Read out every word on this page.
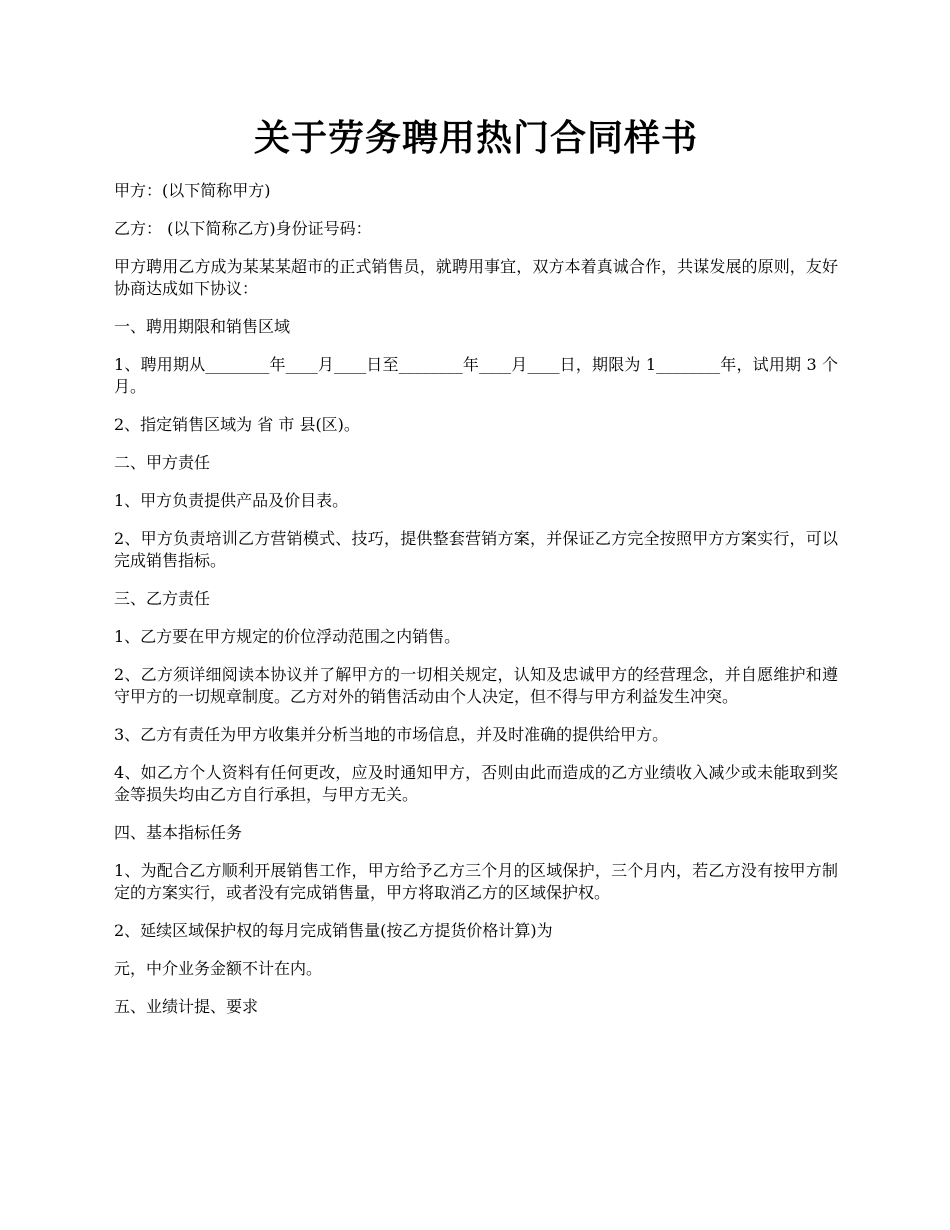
关于劳务聘用热门合同样书

甲方：(以下简称甲方)

乙方： (以下简称乙方)身份证号码：

甲方聘用乙方成为某某某超市的正式销售员，就聘用事宜，双方本着真诚合作，共谋发展的原则，友好协商达成如下协议：

一、聘用期限和销售区域

1、聘用期从________年____月____日至________年____月____日，期限为 1________年，试用期 3 个月。

2、指定销售区域为 省 市 县(区)。

二、甲方责任

1、甲方负责提供产品及价目表。

2、甲方负责培训乙方营销模式、技巧，提供整套营销方案，并保证乙方完全按照甲方方案实行，可以完成销售指标。

三、乙方责任

1、乙方要在甲方规定的价位浮动范围之内销售。

2、乙方须详细阅读本协议并了解甲方的一切相关规定，认知及忠诚甲方的经营理念，并自愿维护和遵守甲方的一切规章制度。乙方对外的销售活动由个人决定，但不得与甲方利益发生冲突。

3、乙方有责任为甲方收集并分析当地的市场信息，并及时准确的提供给甲方。

4、如乙方个人资料有任何更改，应及时通知甲方，否则由此而造成的乙方业绩收入减少或未能取到奖金等损失均由乙方自行承担，与甲方无关。

四、基本指标任务

1、为配合乙方顺利开展销售工作，甲方给予乙方三个月的区域保护，三个月内，若乙方没有按甲方制定的方案实行，或者没有完成销售量，甲方将取消乙方的区域保护权。

2、延续区域保护权的每月完成销售量(按乙方提货价格计算)为

元，中介业务金额不计在内。

五、业绩计提、要求
